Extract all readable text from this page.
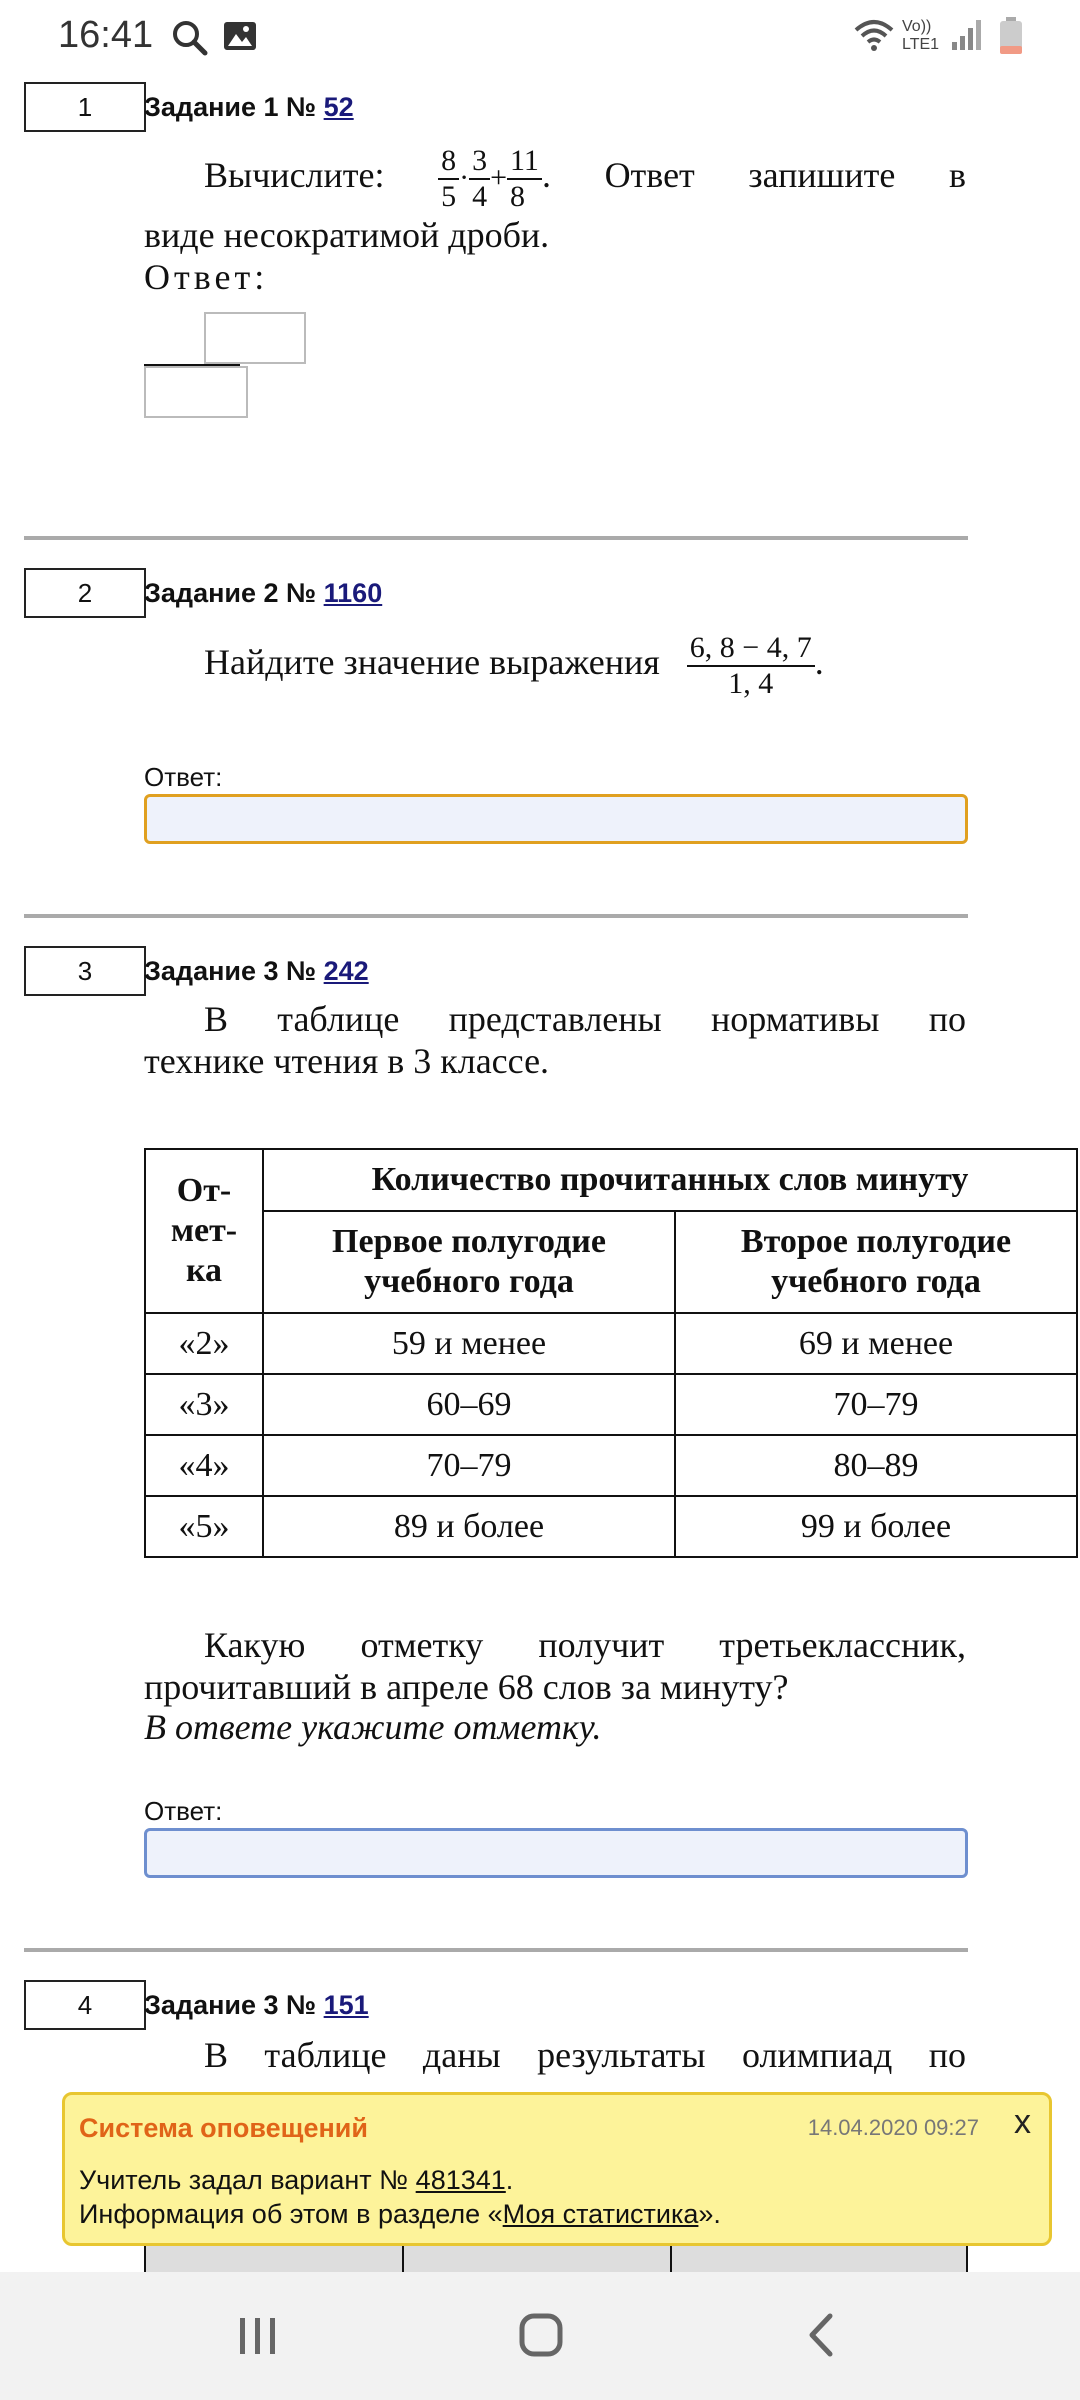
16:41	Vo))
LTE1
1	Задание 1 № 52
Вычислите: $\frac{8}{5} \cdot \frac{3}{4} + \frac{11}{8}$ . Ответ запишите в
виде несократимой дроби.
Ответ:
2	Задание 2 № 1160
Найдите значение выражения $\frac{6, 8 - 4, 7}{1, 4}$ .
Ответ:
3	Задание 3 № 242
В таблице представлены нормативы по
технике чтения в 3 классе.
От-
мет-
ка	Количество прочитанных слов минуту	
	Первое полугодие учебного года	Второе полугодие учебного года
«2»	59 и менее	69 и менее
«3»	60–69	70–79
«4»	70–79	80–89
«5»	89 и более	99 и более
Какую отметку получит третьеклассник,
прочитавший в апреле 68 слов за минуту?
В ответе укажите отметку.
Ответ:
4	Задание 3 № 151
В таблице даны результаты олимпиад по
Система оповещений	14.04.2020 09:27 x
Учитель задал вариант № 481341.
Информация об этом в разделе «Моя статистика».
